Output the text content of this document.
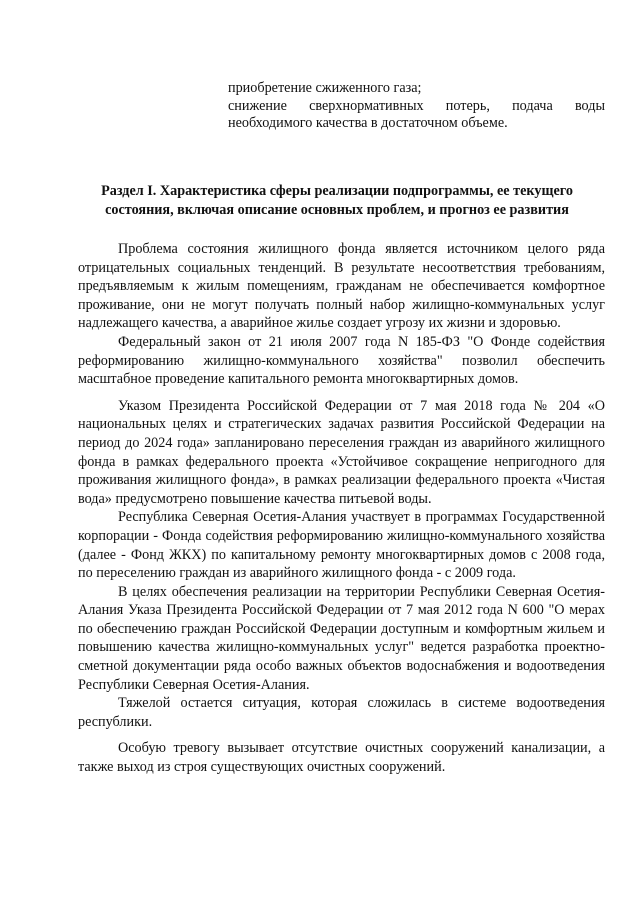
приобретение сжиженного газа;

снижение сверхнормативных потерь, подача воды необходимого качества в достаточном объеме.

Раздел I. Характеристика сферы реализации подпрограммы, ее текущего состояния, включая описание основных проблем, и прогноз ее развития

Проблема состояния жилищного фонда является источником целого ряда отрицательных социальных тенденций. В результате несоответствия требованиям, предъявляемым к жилым помещениям, гражданам не обеспечивается комфортное проживание, они не могут получать полный набор жилищно-коммунальных услуг надлежащего качества, а аварийное жилье создает угрозу их жизни и здоровью.

Федеральный закон от 21 июля 2007 года N 185-ФЗ "О Фонде содействия реформированию жилищно-коммунального хозяйства" позволил обеспечить масштабное проведение капитального ремонта многоквартирных домов.

Указом Президента Российской Федерации от 7 мая 2018 года № 204 «О национальных целях и стратегических задачах развития Российской Федерации на период до 2024 года» запланировано переселения граждан из аварийного жилищного фонда в рамках федерального проекта «Устойчивое сокращение непригодного для проживания жилищного фонда», в рамках реализации федерального проекта «Чистая вода» предусмотрено повышение качества питьевой воды.

Республика Северная Осетия-Алания участвует в программах Государственной корпорации - Фонда содействия реформированию жилищно-коммунального хозяйства (далее - Фонд ЖКХ) по капитальному ремонту многоквартирных домов с 2008 года, по переселению граждан из аварийного жилищного фонда - с 2009 года.

В целях обеспечения реализации на территории Республики Северная Осетия-Алания Указа Президента Российской Федерации от 7 мая 2012 года N 600 "О мерах по обеспечению граждан Российской Федерации доступным и комфортным жильем и повышению качества жилищно-коммунальных услуг" ведется разработка проектно-сметной документации ряда особо важных объектов водоснабжения и водоотведения Республики Северная Осетия-Алания.

Тяжелой остается ситуация, которая сложилась в системе водоотведения республики.

Особую тревогу вызывает отсутствие очистных сооружений канализации, а также выход из строя существующих очистных сооружений.
